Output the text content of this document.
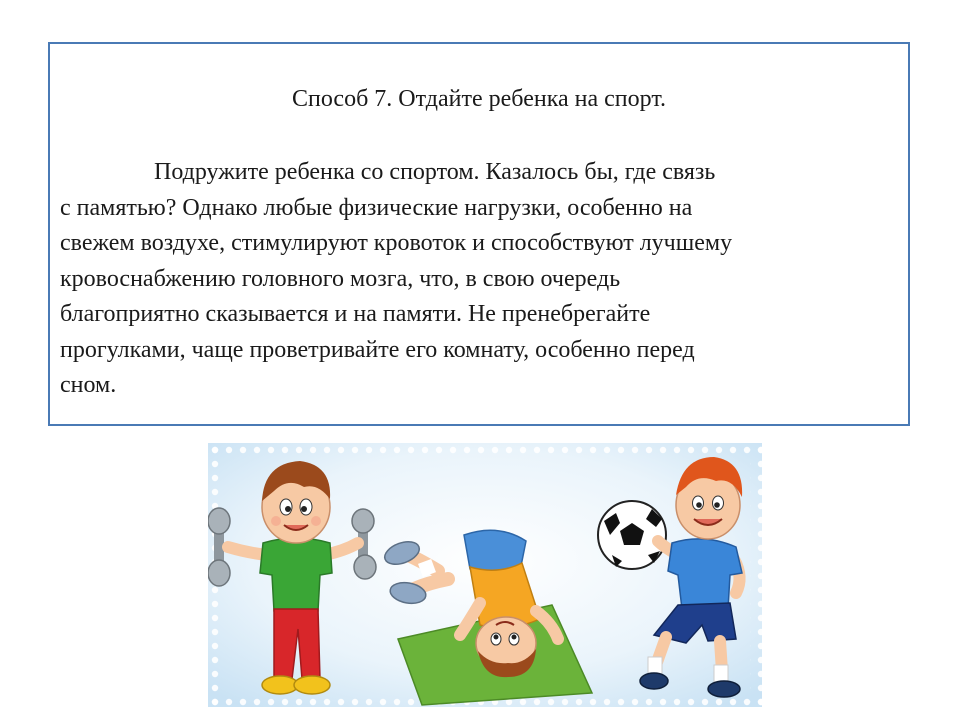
Способ 7. Отдайте ребенка на спорт.
Подружите ребенка со спортом. Казалось бы, где связь
с памятью? Однако любые физические нагрузки, особенно на
свежем воздухе, стимулируют кровоток и способствуют лучшему
кровоснабжению головного мозга, что, в свою очередь
благоприятно сказывается и на памяти. Не пренебрегайте
прогулками, чаще проветривайте его комнату, особенно перед
сном.
